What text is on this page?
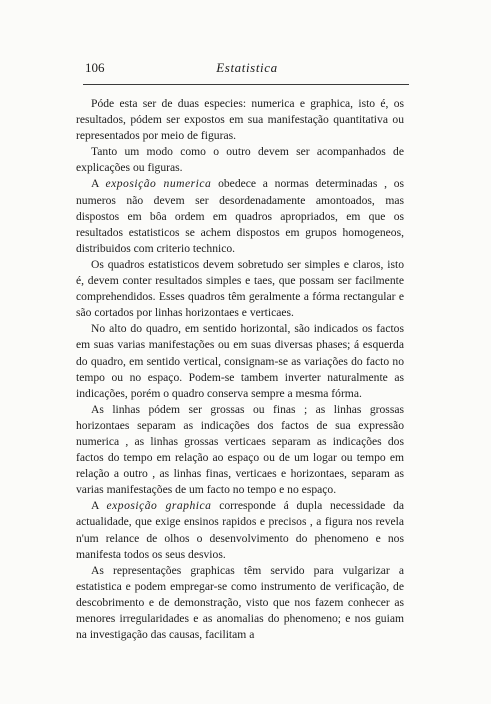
106	Estatistica

Póde esta ser de duas especies: numerica e graphica, isto é, os resultados, pódem ser expostos em sua manifestação quantitativa ou representados por meio de figuras.

Tanto um modo como o outro devem ser acompanhados de explicações ou figuras.

A exposição numerica obedece a normas determinadas , os numeros não devem ser desordenadamente amontoados, mas dispostos em bôa ordem em quadros apropriados, em que os resultados estatisticos se achem dispostos em grupos homogeneos, distribuidos com criterio technico.

Os quadros estatisticos devem sobretudo ser simples e claros, isto é, devem conter resultados simples e taes, que possam ser facilmente comprehendidos. Esses quadros têm geralmente a fórma rectangular e são cortados por linhas horizontaes e verticaes.

No alto do quadro, em sentido horizontal, são indicados os factos em suas varias manifestações ou em suas diversas phases; á esquerda do quadro, em sentido vertical, consignam-se as variações do facto no tempo ou no espaço. Podem-se tambem inverter naturalmente as indicações, porém o quadro conserva sempre a mesma fórma.

As linhas pódem ser grossas ou finas ; as linhas grossas horizontaes separam as indicações dos factos de sua expressão numerica , as linhas grossas verticaes separam as indicações dos factos do tempo em relação ao espaço ou de um logar ou tempo em relação a outro , as linhas finas, verticaes e horizontaes, separam as varias manifestações de um facto no tempo e no espaço.

A exposição graphica corresponde á dupla necessidade da actualidade, que exige ensinos rapidos e precisos , a figura nos revela n'um relance de olhos o desenvolvimento do phenomeno e nos manifesta todos os seus desvios.

As representações graphicas têm servido para vulgarizar a estatistica e podem empregar-se como instrumento de verificação, de descobrimento e de demonstração, visto que nos fazem conhecer as menores irregularidades e as anomalias do phenomeno; e nos guiam na investigação das causas, facilitam a
